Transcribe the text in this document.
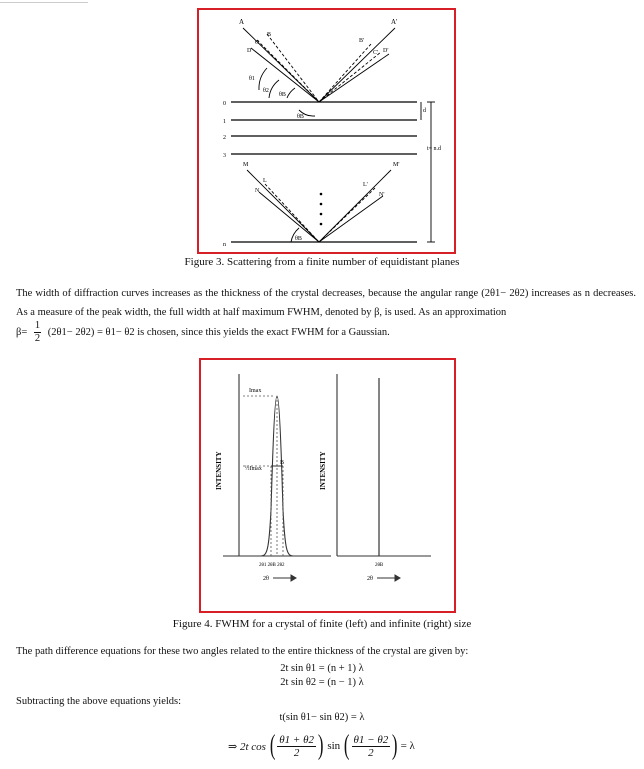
A
B
C
D
A'
B'
C' D'
θ1
θ2
θB
θB
0
1
2
3
n
d
t= n.d
M	M'
L
N
L'
N'
θB
Figure 3. Scattering from a finite number of equidistant planes
The width of diffraction curves increases as the thickness of the crystal decreases, because the angular range (2θ1− 2θ2) increases as n decreases. As a measure of the peak width, the full width at half maximum FWHM, denoted by β, is used. As an approximation
$\beta= \frac{1}{2} (2\theta 1- 2\theta 2) = \theta 1- \theta 2$ is chosen, since this yields the exact FWHM for a Gaussian.
INTENSITY	INTENSITY
Imax
½Imax
B
2θ1 2θB 2θ2	2θB
2θ	2θ
Figure 4. FWHM for a crystal of finite (left) and infinite (right) size
The path difference equations for these two angles related to the entire thickness of the crystal are given by:
2t sin θ1 = (n + 1) λ
2t sin θ2 = (n − 1) λ
Subtracting the above equations yields:
t(sin θ1− sin θ2) = λ
⇒ 2t cos ( $\frac{\theta 1 + \theta 2}{2}$ ) sin ( $\frac{\theta 1 - \theta 2}{2}$ ) = λ
